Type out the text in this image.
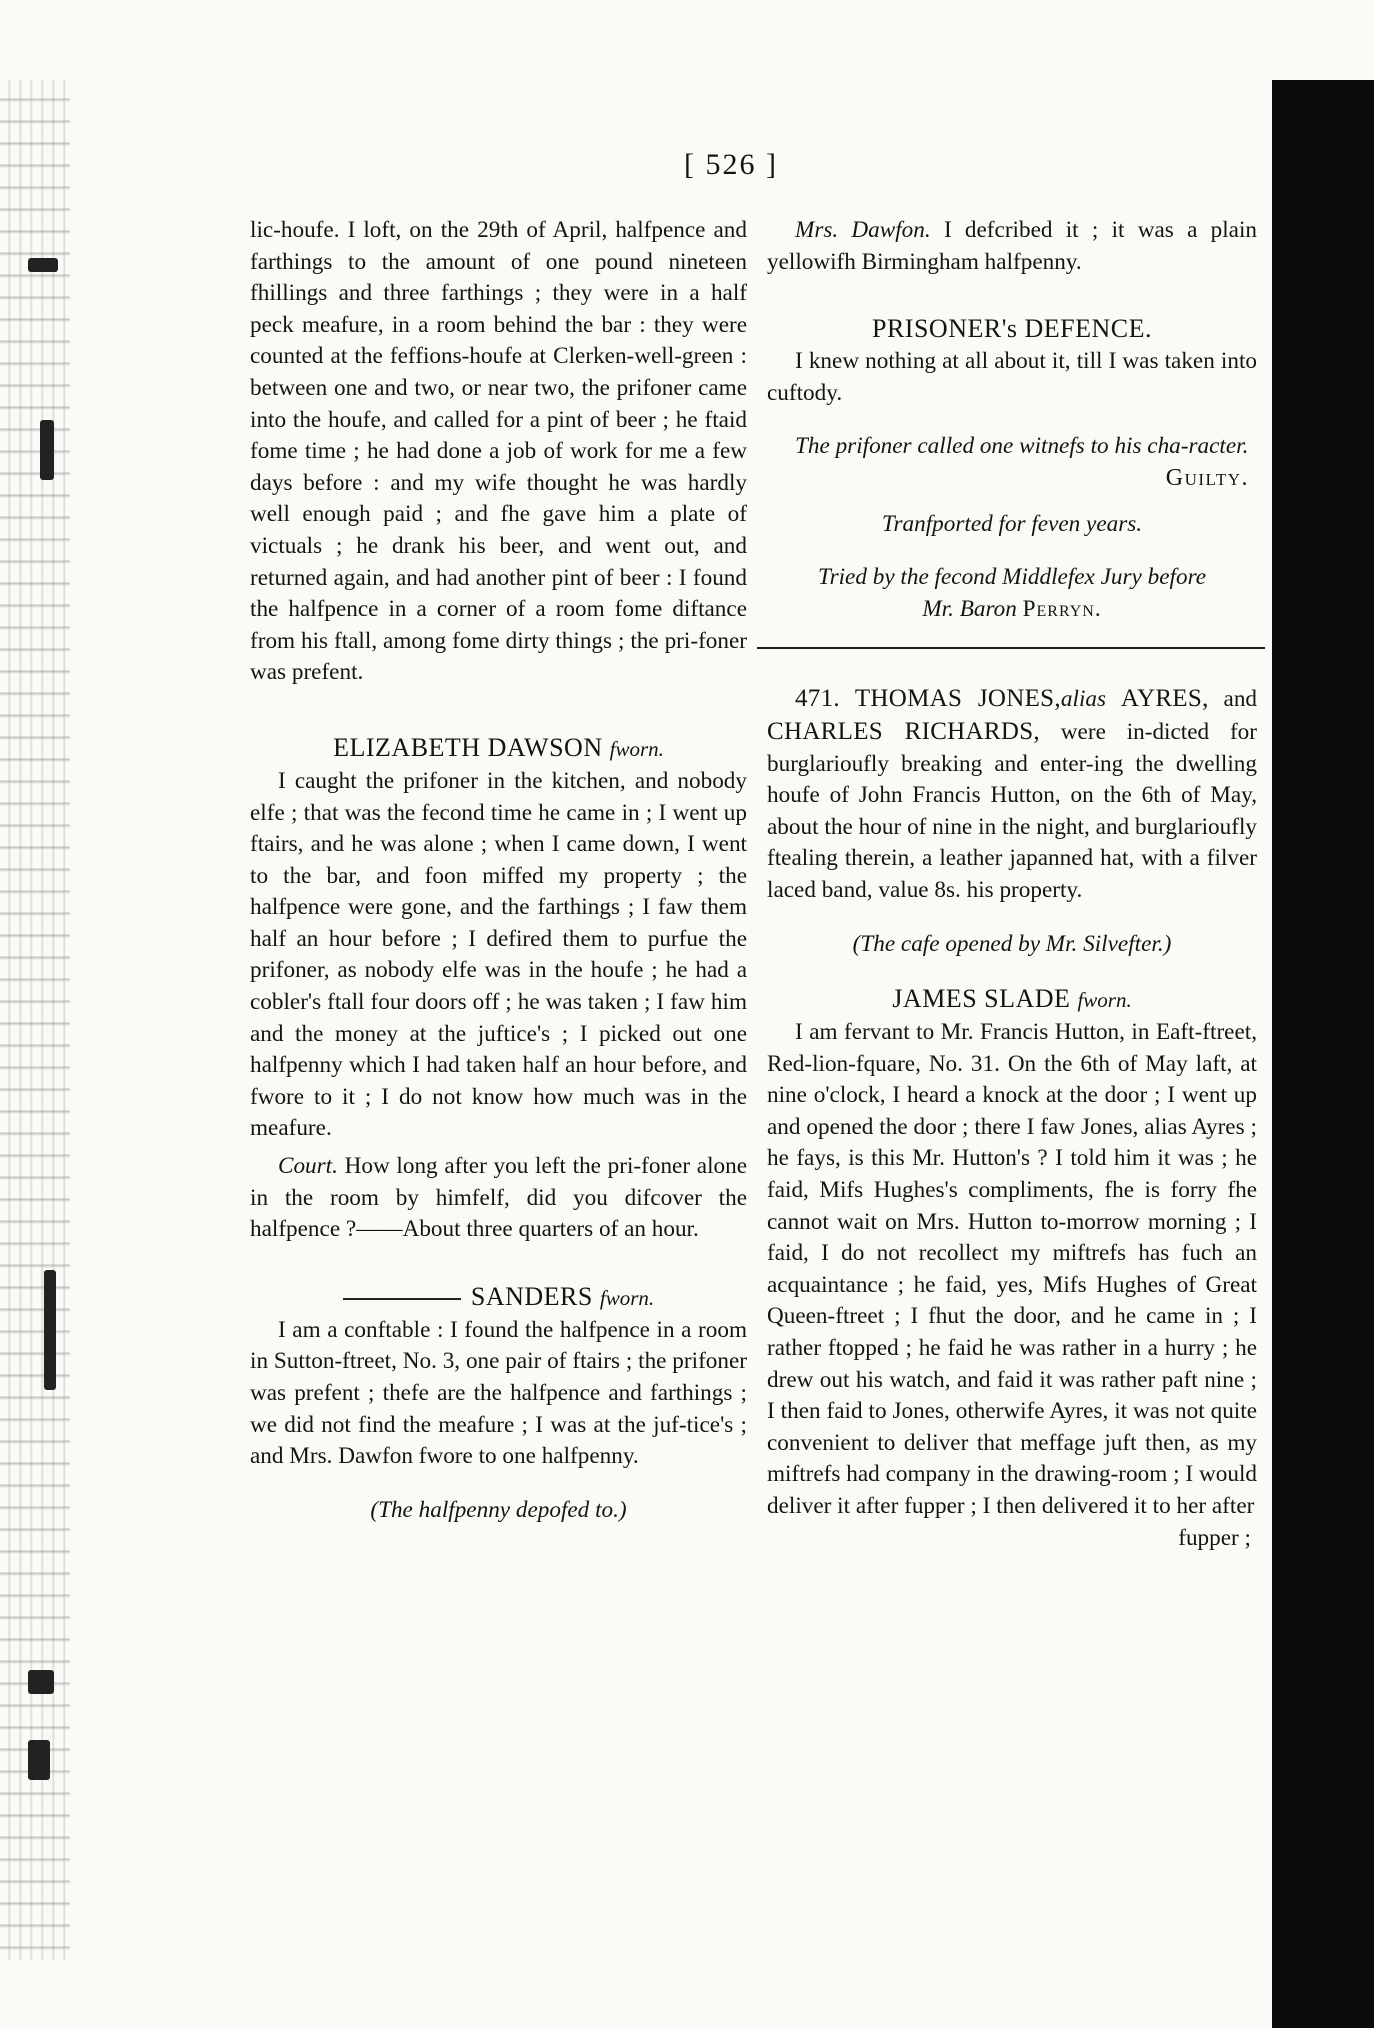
[ 526 ]

lic-houfe. I loft, on the 29th of April, halfpence and farthings to the amount of one pound nineteen fhillings and three farthings ; they were in a half peck meafure, in a room behind the bar : they were counted at the feffions-houfe at Clerken-well-green : between one and two, or near two, the prifoner came into the houfe, and called for a pint of beer ; he ftaid fome time ; he had done a job of work for me a few days before : and my wife thought he was hardly well enough paid ; and fhe gave him a plate of victuals ; he drank his beer, and went out, and returned again, and had another pint of beer : I found the halfpence in a corner of a room fome diftance from his ftall, among fome dirty things ; the pri-foner was prefent.

ELIZABETH DAWSON fworn.

I caught the prifoner in the kitchen, and nobody elfe ; that was the fecond time he came in ; I went up ftairs, and he was alone ; when I came down, I went to the bar, and foon miffed my property ; the halfpence were gone, and the farthings ; I faw them half an hour before ; I defired them to purfue the prifoner, as nobody elfe was in the houfe ; he had a cobler's ftall four doors off ; he was taken ; I faw him and the money at the juftice's ; I picked out one halfpenny which I had taken half an hour before, and fwore to it ; I do not know how much was in the meafure.

Court. How long after you left the pri-foner alone in the room by himfelf, did you difcover the halfpence ?——About three quarters of an hour.

SANDERS fworn.

I am a conftable : I found the halfpence in a room in Sutton-ftreet, No. 3, one pair of ftairs ; the prifoner was prefent ; thefe are the halfpence and farthings ; we did not find the meafure ; I was at the juf-tice's ; and Mrs. Dawfon fwore to one halfpenny.

(The halfpenny depofed to.)

Mrs. Dawfon. I defcribed it ; it was a plain yellowifh Birmingham halfpenny.

PRISONER's DEFENCE.

I knew nothing at all about it, till I was taken into cuftody.

The prifoner called one witnefs to his cha-racter.

Guilty.

Tranfported for feven years.

Tried by the fecond Middlefex Jury before

Mr. Baron Perryn.

471. THOMAS JONES,alias AYRES, and CHARLES RICHARDS, were in-dicted for burglarioufly breaking and enter-ing the dwelling houfe of John Francis Hutton, on the 6th of May, about the hour of nine in the night, and burglarioufly ftealing therein, a leather japanned hat, with a filver laced band, value 8s. his property.

(The cafe opened by Mr. Silvefter.)

JAMES SLADE fworn.

I am fervant to Mr. Francis Hutton, in Eaft-ftreet, Red-lion-fquare, No. 31. On the 6th of May laft, at nine o'clock, I heard a knock at the door ; I went up and opened the door ; there I faw Jones, alias Ayres ; he fays, is this Mr. Hutton's ? I told him it was ; he faid, Mifs Hughes's compliments, fhe is forry fhe cannot wait on Mrs. Hutton to-morrow morning ; I faid, I do not recollect my miftrefs has fuch an acquaintance ; he faid, yes, Mifs Hughes of Great Queen-ftreet ; I fhut the door, and he came in ; I rather ftopped ; he faid he was rather in a hurry ; he drew out his watch, and faid it was rather paft nine ; I then faid to Jones, otherwife Ayres, it was not quite convenient to deliver that meffage juft then, as my miftrefs had company in the drawing-room ; I would deliver it after fupper ; I then delivered it to her after

fupper ;
